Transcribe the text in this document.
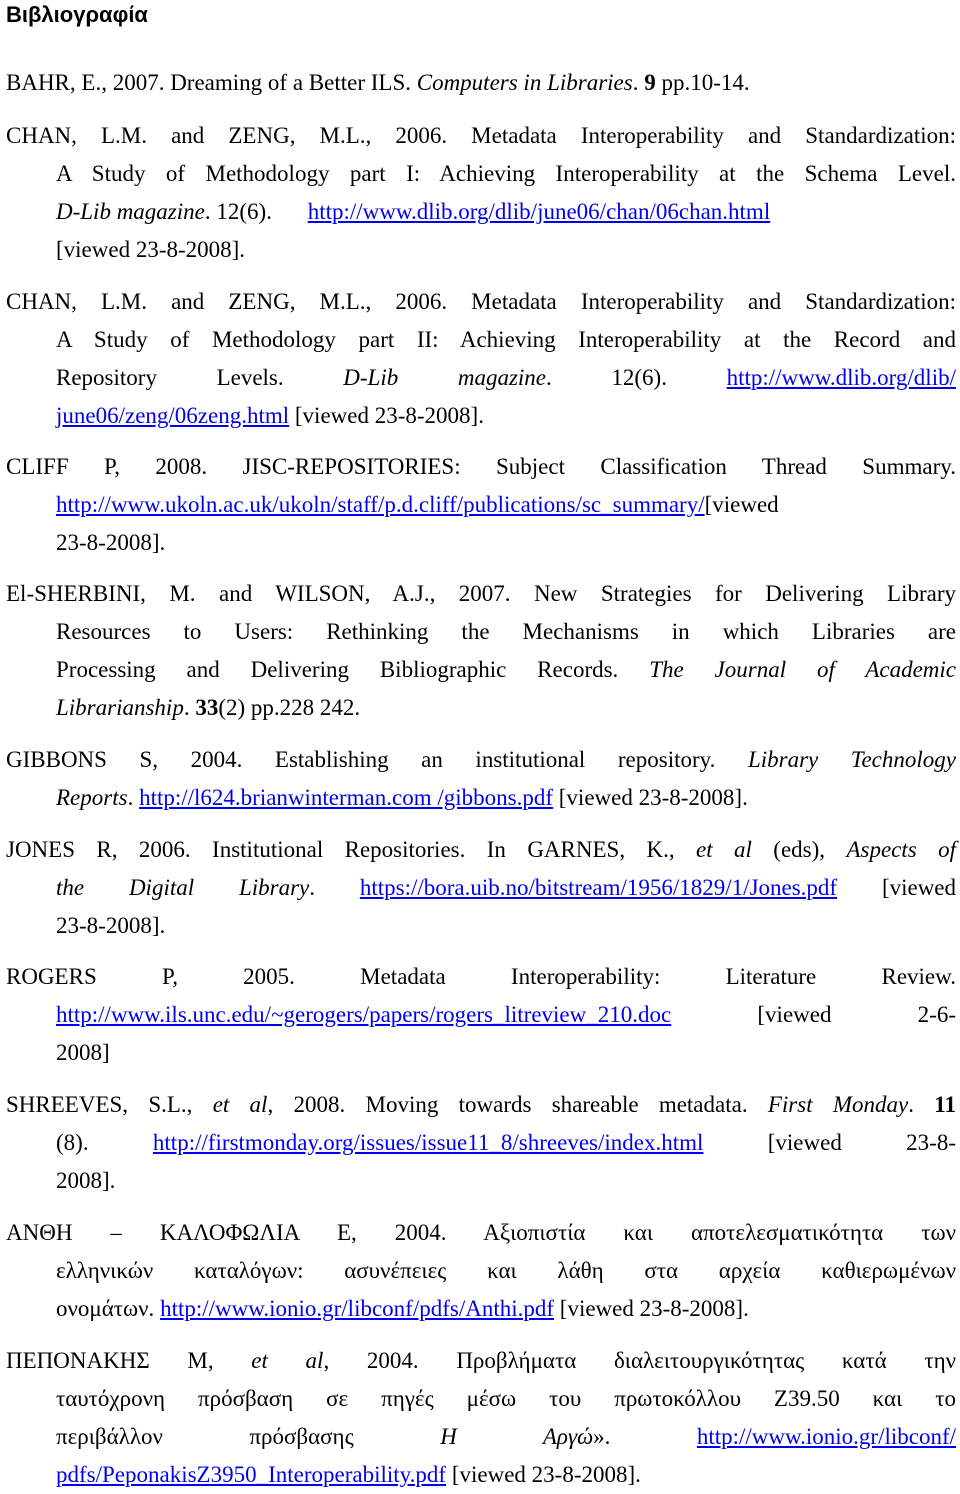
Βιβλιογραφία
BAHR, E., 2007. Dreaming of a Better ILS. Computers in Libraries. 9 pp.10-14.
CHAN, L.M. and ZENG, M.L., 2006. Metadata Interoperability and Standardization:
A Study of Methodology part I: Achieving Interoperability at the Schema Level.
D-Lib magazine. 12(6). http://www.dlib.org/dlib/june06/chan/06chan.html
[viewed 23-8-2008].
CHAN, L.M. and ZENG, M.L., 2006. Metadata Interoperability and Standardization:
A Study of Methodology part II: Achieving Interoperability at the Record and
Repository Levels. D-Lib magazine. 12(6). http://www.dlib.org/dlib/
june06/zeng/06zeng.html [viewed 23-8-2008].
CLIFF P, 2008. JISC-REPOSITORIES: Subject Classification Thread Summary.
http://www.ukoln.ac.uk/ukoln/staff/p.d.cliff/publications/sc_summary/[viewed
23-8-2008].
El-SHERBINI, M. and WILSON, A.J., 2007. New Strategies for Delivering Library
Resources to Users: Rethinking the Mechanisms in which Libraries are
Processing and Delivering Bibliographic Records. The Journal of Academic
Librarianship. 33(2) pp.228 242.
GIBBONS S, 2004. Establishing an institutional repository. Library Technology
Reports. http://l624.brianwinterman.com /gibbons.pdf [viewed 23-8-2008].
JONES R, 2006. Institutional Repositories. In GARNES, K., et al (eds), Aspects of
the Digital Library. https://bora.uib.no/bitstream/1956/1829/1/Jones.pdf [viewed
23-8-2008].
ROGERS P, 2005. Metadata Interoperability: Literature Review.
http://www.ils.unc.edu/~gerogers/papers/rogers_litreview_210.doc [viewed 2-6-
2008]
SHREEVES, S.L., et al, 2008. Moving towards shareable metadata. First Monday. 11
(8). http://firstmonday.org/issues/issue11_8/shreeves/index.html [viewed 23-8-
2008].
ΑΝΘΗ – ΚΑΛΟΦΩΛΙΑ Ε, 2004. Αξιοπιστία και αποτελεσματικότητα των
ελληνικών καταλόγων: ασυνέπειες και λάθη στα αρχεία καθιερωμένων
ονομάτων. http://www.ionio.gr/libconf/pdfs/Anthi.pdf [viewed 23-8-2008].
ΠΕΠΟΝΑΚΗΣ Μ, et al, 2004. Προβλήματα διαλειτουργικότητας κατά την
ταυτόχρονη πρόσβαση σε πηγές μέσω του πρωτοκόλλου Z39.50 και το
περιβάλλον πρόσβασης Η Αργώ». http://www.ionio.gr/libconf/
pdfs/PeponakisZ3950_Interoperability.pdf [viewed 23-8-2008].
